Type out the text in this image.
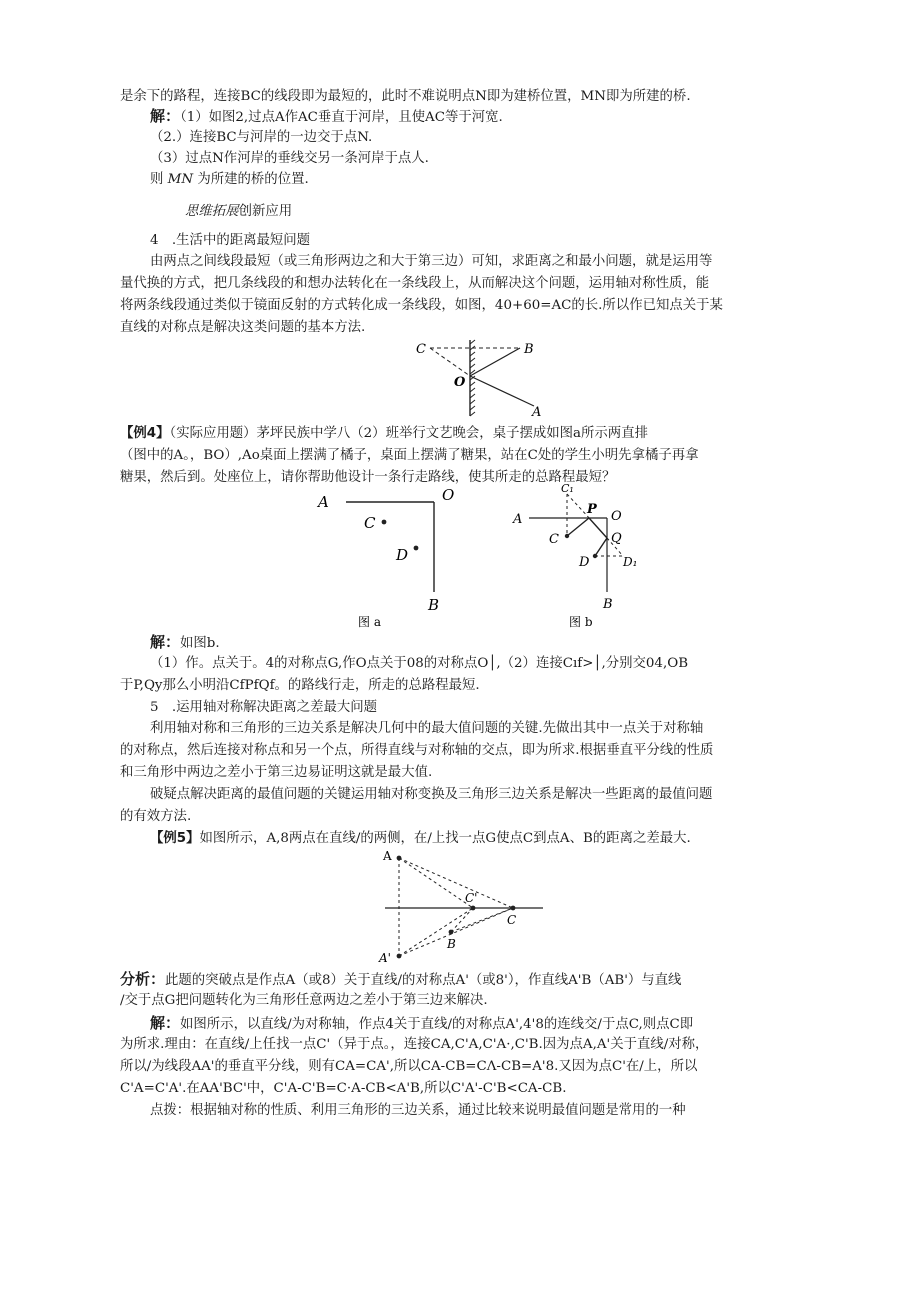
是余下的路程，连接BC的线段即为最短的，此时不难说明点N即为建桥位置，MN即为所建的桥.
解：（1）如图2,过点A作AC垂直于河岸，且使AC等于河宽.
（2.）连接BC与河岸的一边交于点N.
（3）过点N作河岸的垂线交另一条河岸于点人.
则 MN 为所建的桥的位置.
思维拓展创新应用
4　.生活中的距离最短问题
由两点之间线段最短（或三角形两边之和大于第三边）可知，求距离之和最小问题，就是运用等
量代换的方式，把几条线段的和想办法转化在一条线段上，从而解决这个问题，运用轴对称性质，能
将两条线段通过类似于镜面反射的方式转化成一条线段，如图，40+60=AC的长.所以作已知点关于某
直线的对称点是解决这类问题的基本方法.
C	B
O
A
【例4】（实际应用题）茅坪民族中学八（2）班举行文艺晚会，桌子摆成如图a所示两直排
（图中的A。，BO）,Ao桌面上摆满了橘子，桌面上摆满了糖果，站在C处的学生小明先拿橘子再拿
糖果，然后到。处座位上，请你帮助他设计一条行走路线，使其所走的总路程最短？
A	O
C
D
B
图 a
C₁
A
P O
Q
C
D	D₁
B
图 b
解：如图b.
（1）作。点关于。4的对称点G,作O点关于08的对称点O│,（2）连接Cıf>│,分别交04,OB
于P,Qy那么小明沿CfPfQf。的路线行走，所走的总路程最短.
5　.运用轴对称解决距离之差最大问题
利用轴对称和三角形的三边关系是解决几何中的最大值问题的关键.先做出其中一点关于对称轴
的对称点，然后连接对称点和另一个点，所得直线与对称轴的交点，即为所求.根据垂直平分线的性质
和三角形中两边之差小于第三边易证明这就是最大值.
破疑点解决距离的最值问题的关键运用轴对称变换及三角形三边关系是解决一些距离的最值问题
的有效方法.
【例5】如图所示，A,8两点在直线/的两侧，在/上找一点G使点C到点A、B的距离之差最大.
A
C'
C
B
A'
分析：此题的突破点是作点A（或8）关于直线/的对称点A'（或8'），作直线A'B（AB'）与直线
/交于点G把问题转化为三角形任意两边之差小于第三边来解决.
解：如图所示，以直线/为对称轴，作点4关于直线/的对称点A',4'8的连线交/于点C,则点C即
为所求.理由：在直线/上任找一点C'（异于点。，连接CA,C'A,C'A·,C'B.因为点A,A'关于直线/对称，
所以/为线段AA'的垂直平分线，则有CA=CA',所以CA-CB=CΛ-CB=A'8.又因为点C'在/上，所以
C'A=C'A'.在AA'BC'中，C'A-C'B=C·A-CB<A'B,所以C'A'-C'B<CA-CB.
点拨：根据轴对称的性质、利用三角形的三边关系，通过比较来说明最值问题是常用的一种
